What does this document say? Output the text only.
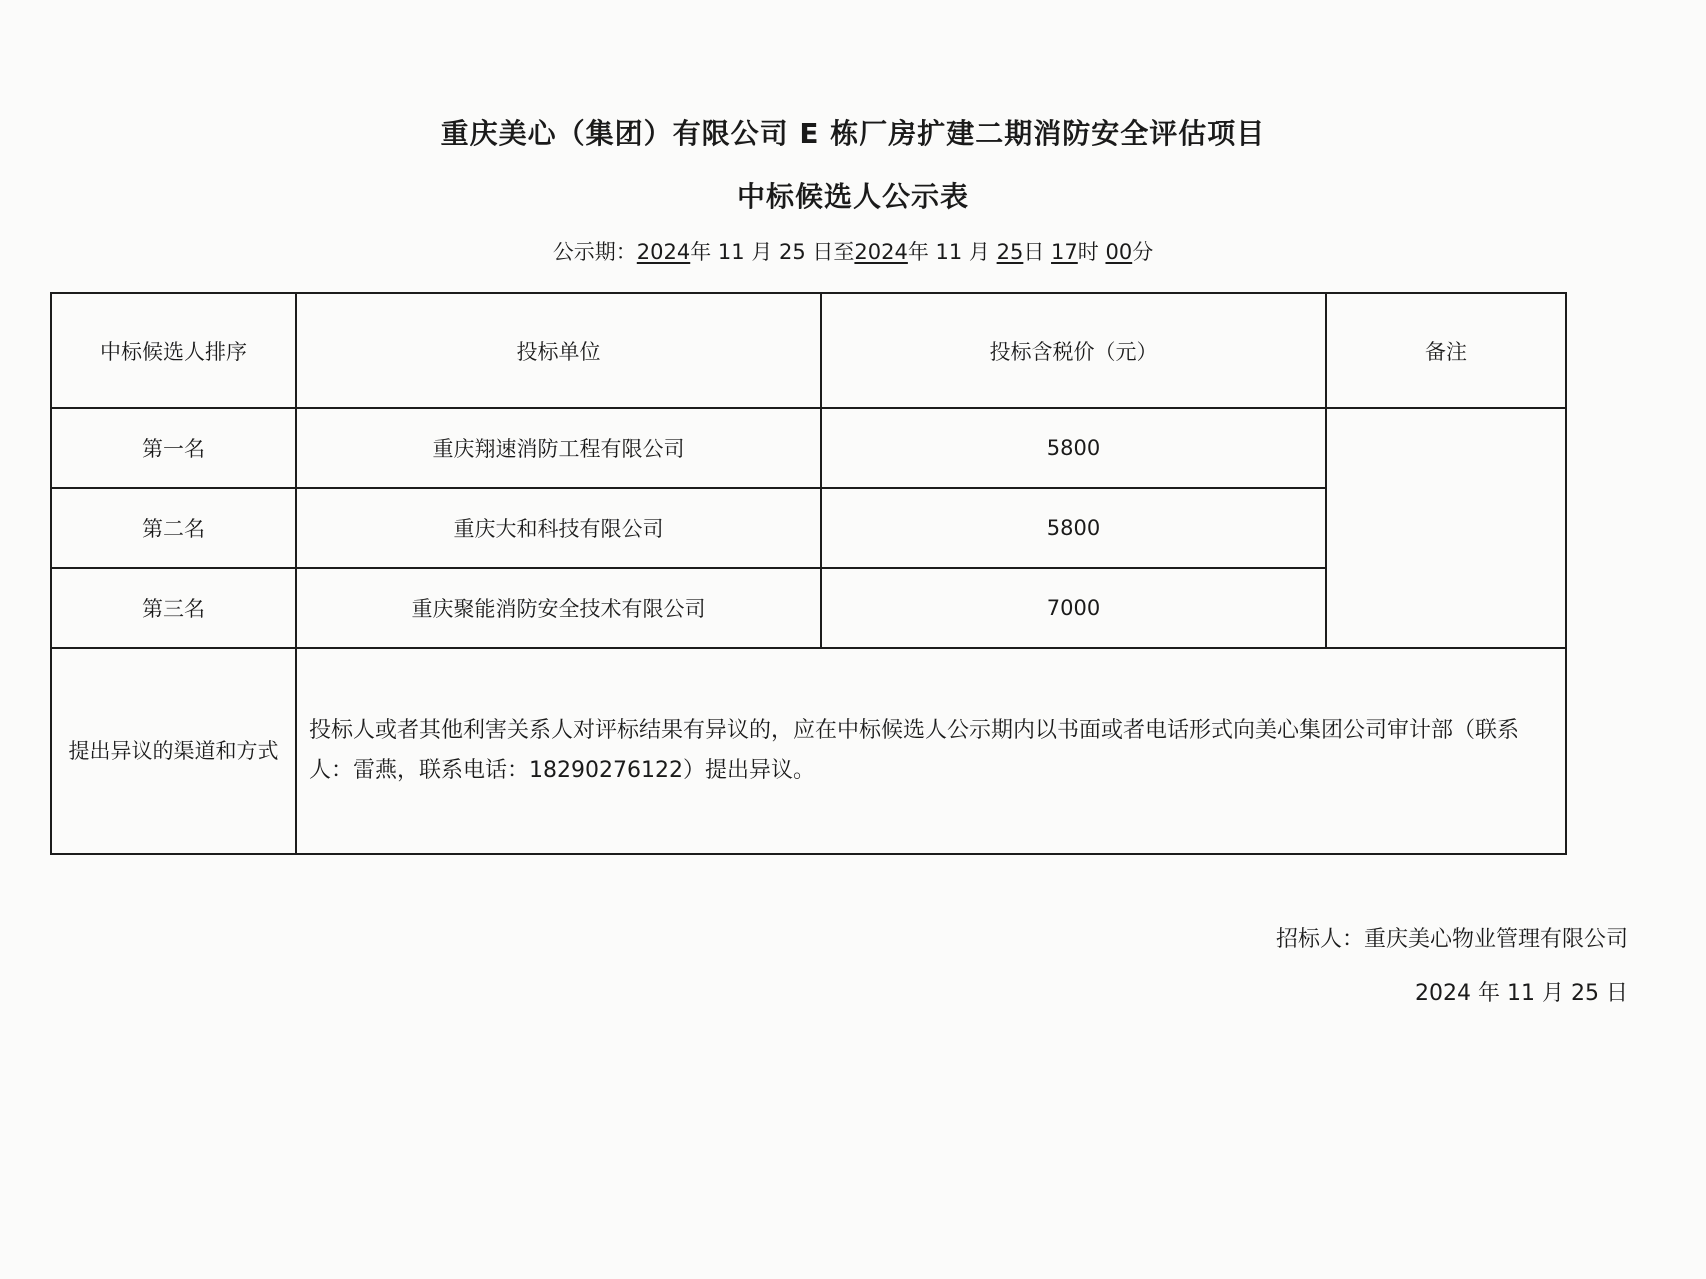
重庆美心（集团）有限公司 E 栋厂房扩建二期消防安全评估项目
中标候选人公示表
公示期：2024年 11 月 25 日至2024年 11 月 25日 17时 00分
中标候选人排序	投标单位	投标含税价（元）	备注
第一名	重庆翔速消防工程有限公司	5800	
第二名	重庆大和科技有限公司	5800	
第三名	重庆聚能消防安全技术有限公司	7000	
提出异议的渠道和方式	投标人或者其他利害关系人对评标结果有异议的，应在中标候选人公示期内以书面或者电话形式向美心集团公司审计部（联系人：雷燕，联系电话：18290276122）提出异议。		
招标人：重庆美心物业管理有限公司
2024 年 11 月 25 日
